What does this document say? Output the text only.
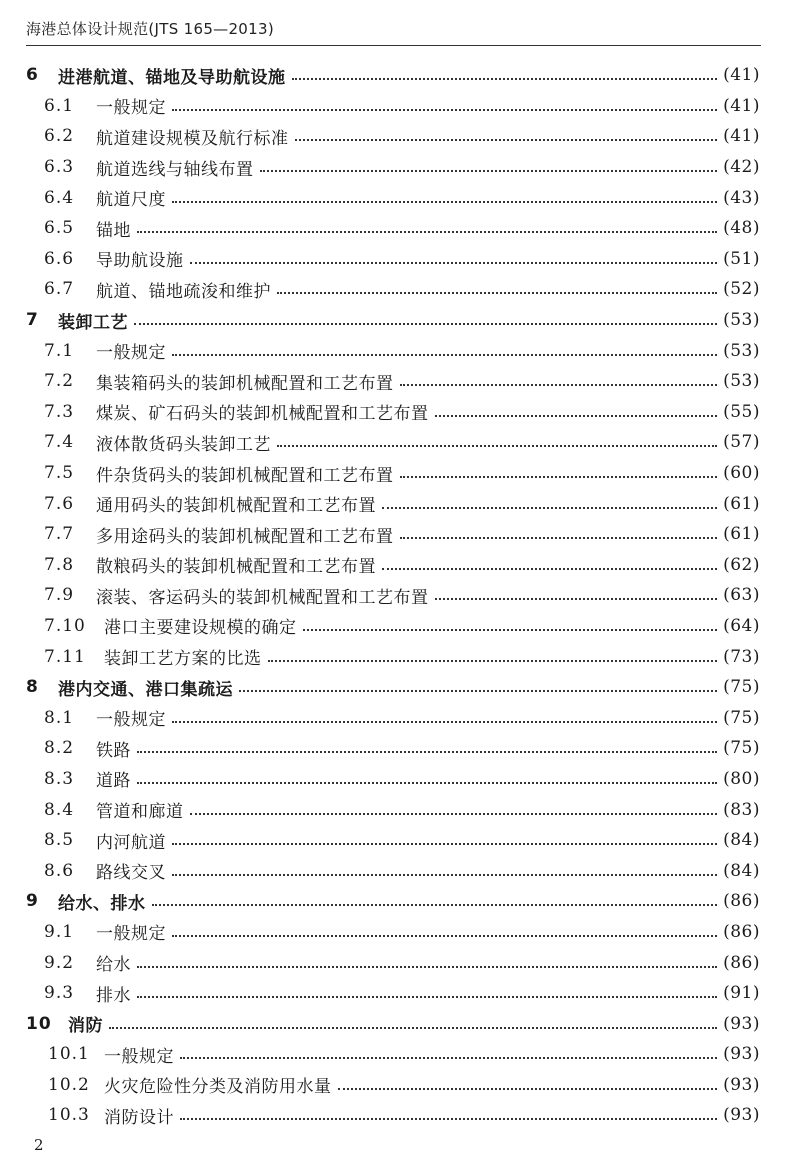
海港总体设计规范(JTS 165—2013)
6	进港航道、锚地及导助航设施	(41)
6.1	一般规定	(41)
6.2	航道建设规模及航行标准	(41)
6.3	航道选线与轴线布置	(42)
6.4	航道尺度	(43)
6.5	锚地	(48)
6.6	导助航设施	(51)
6.7	航道、锚地疏浚和维护	(52)
7	装卸工艺	(53)
7.1	一般规定	(53)
7.2	集装箱码头的装卸机械配置和工艺布置	(53)
7.3	煤炭、矿石码头的装卸机械配置和工艺布置	(55)
7.4	液体散货码头装卸工艺	(57)
7.5	件杂货码头的装卸机械配置和工艺布置	(60)
7.6	通用码头的装卸机械配置和工艺布置	(61)
7.7	多用途码头的装卸机械配置和工艺布置	(61)
7.8	散粮码头的装卸机械配置和工艺布置	(62)
7.9	滚装、客运码头的装卸机械配置和工艺布置	(63)
7.10	港口主要建设规模的确定	(64)
7.11	装卸工艺方案的比选	(73)
8	港内交通、港口集疏运	(75)
8.1	一般规定	(75)
8.2	铁路	(75)
8.3	道路	(80)
8.4	管道和廊道	(83)
8.5	内河航道	(84)
8.6	路线交叉	(84)
9	给水、排水	(86)
9.1	一般规定	(86)
9.2	给水	(86)
9.3	排水	(91)
10 消防	(93)
10.1 一般规定	(93)
10.2 火灾危险性分类及消防用水量	(93)
10.3 消防设计	(93)
2
